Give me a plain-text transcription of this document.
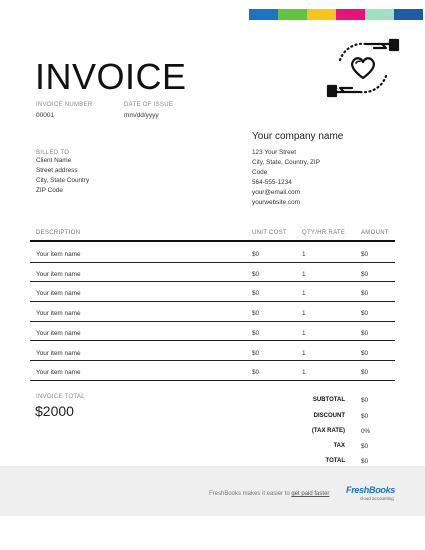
INVOICE
INVOICE NUMBER
00001
DATE OF ISSUE
mm/dd/yyyy
Your company name
123 Your Street
City, State, Country, ZIP
Code
564-555-1234
your@email.com
yourwebsite.com
BILLED TO
Client Name
Street address
City, State Country
ZIP Code
DESCRIPTION	UNIT COST	QTY/HR RATE	AMOUNT
Your item name	$0	1	$0
Your item name	$0	1	$0
Your item name	$0	1	$0
Your item name	$0	1	$0
Your item name	$0	1	$0
Your item name	$0	1	$0
Your item name	$0	1	$0
INVOICE TOTAL
$2000
SUBTOTAL	$0
DISCOUNT	$0
(TAX RATE)	0%
TAX	$0
TOTAL	$0
FreshBooks makes it easier to get paid faster FreshBooks
cloud accounting
